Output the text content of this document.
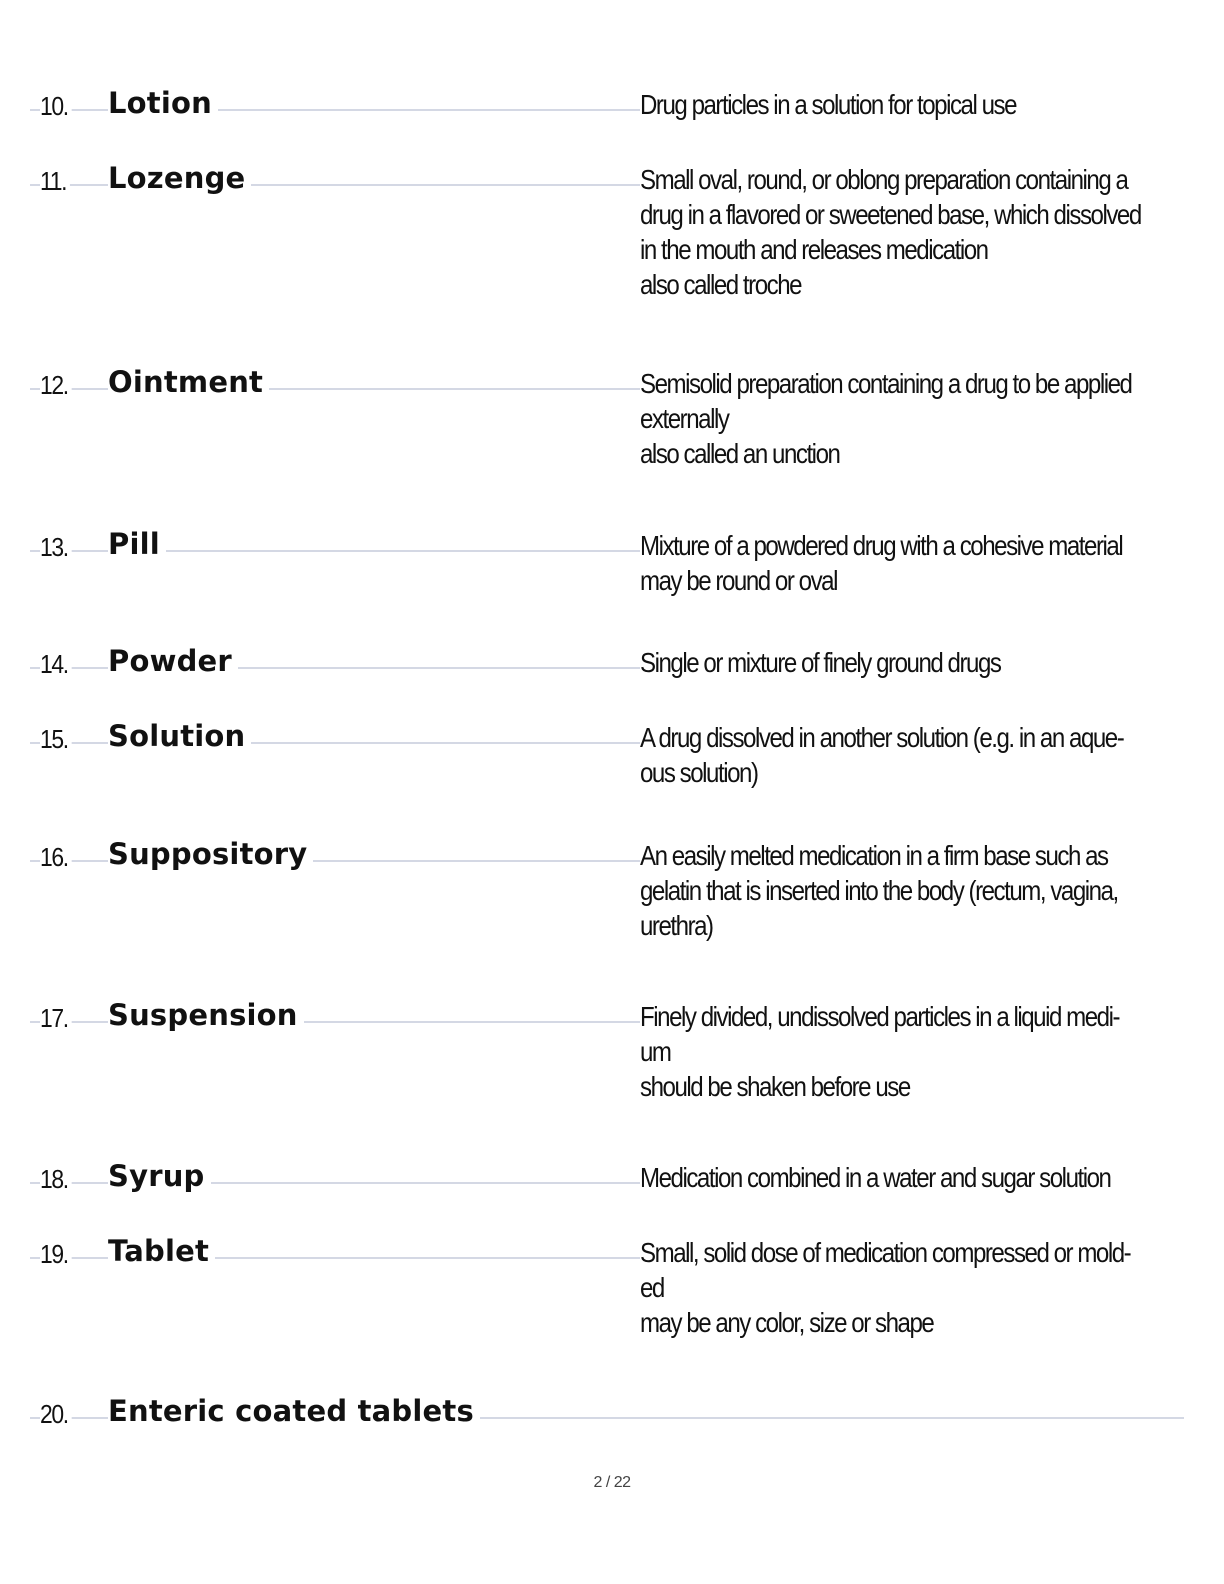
10. Lotion	Drug particles in a solution for topical use
11. Lozenge	Small oval, round, or oblong preparation containing a
drug in a flavored or sweetened base, which dissolved
in the mouth and releases medication
also called troche
12. Ointment	Semisolid preparation containing a drug to be applied
externally
also called an unction
13. Pill	Mixture of a powdered drug with a cohesive material
may be round or oval
14. Powder	Single or mixture of finely ground drugs
15. Solution	A drug dissolved in another solution (e.g. in an aque-
ous solution)
16. Suppository	An easily melted medication in a firm base such as
gelatin that is inserted into the body (rectum, vagina,
urethra)
17. Suspension	Finely divided, undissolved particles in a liquid medi-
um
should be shaken before use
18. Syrup	Medication combined in a water and sugar solution
19. Tablet	Small, solid dose of medication compressed or mold-
ed
may be any color, size or shape
20. Enteric coated tablets
2 / 22
